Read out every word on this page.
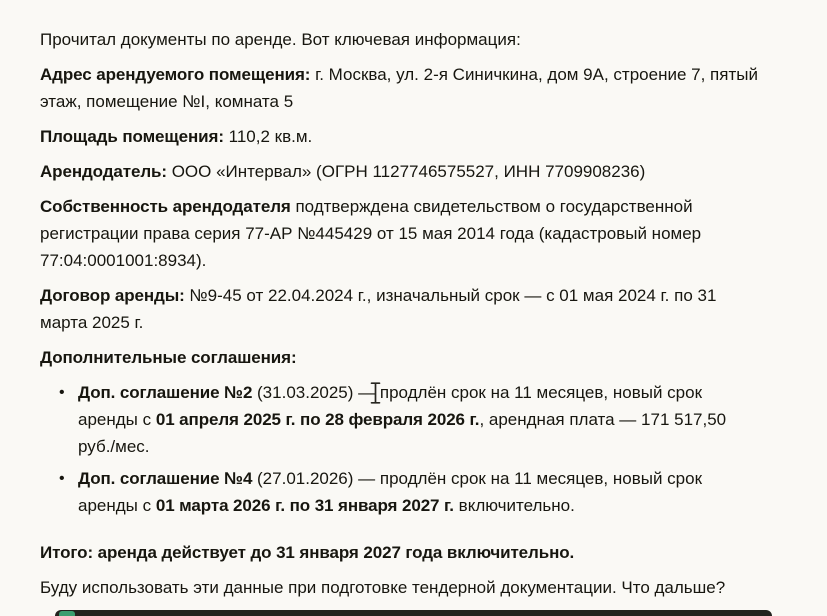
Прочитал документы по аренде. Вот ключевая информация:

Адрес арендуемого помещения: г. Москва, ул. 2-я Синичкина, дом 9А, строение 7, пятый этаж, помещение №I, комната 5

Площадь помещения: 110,2 кв.м.

Арендодатель: ООО «Интервал» (ОГРН 1127746575527, ИНН 7709908236)

Собственность арендодателя подтверждена свидетельством о государственной регистрации права серия 77-АР №445429 от 15 мая 2014 года (кадастровый номер 77:04:0001001:8934).

Договор аренды: №9-45 от 22.04.2024 г., изначальный срок — с 01 мая 2024 г. по 31 марта 2025 г.

Дополнительные соглашения:

• Доп. соглашение №2 (31.03.2025) — продлён срок на 11 месяцев, новый срок аренды с 01 апреля 2025 г. по 28 февраля 2026 г., арендная плата — 171 517,50 руб./мес.
• Доп. соглашение №4 (27.01.2026) — продлён срок на 11 месяцев, новый срок аренды с 01 марта 2026 г. по 31 января 2027 г. включительно.

Итого: аренда действует до 31 января 2027 года включительно.

Буду использовать эти данные при подготовке тендерной документации. Что дальше?
